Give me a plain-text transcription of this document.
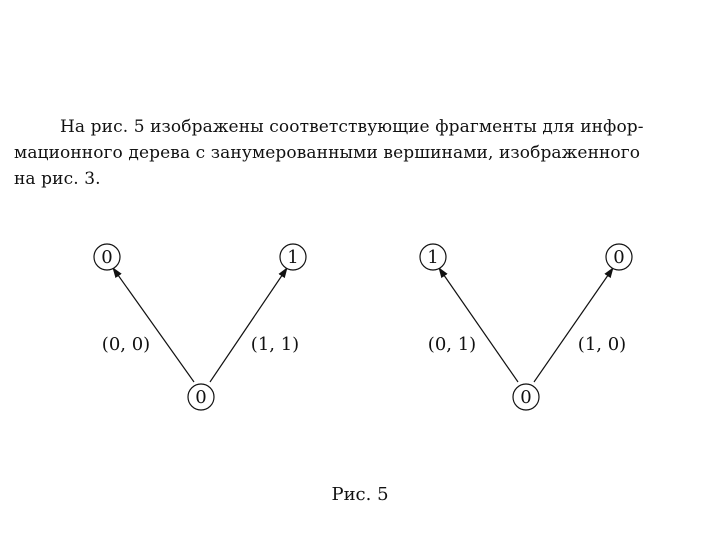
На рис. 5 изображены соответствующие фрагменты для инфор-
мационного дерева с занумерованными вершинами, изображенного
на рис. 3.
0	1
0
(0, 0)	(1, 1)
1	0
0
(0, 1)	(1, 0)
Рис. 5
